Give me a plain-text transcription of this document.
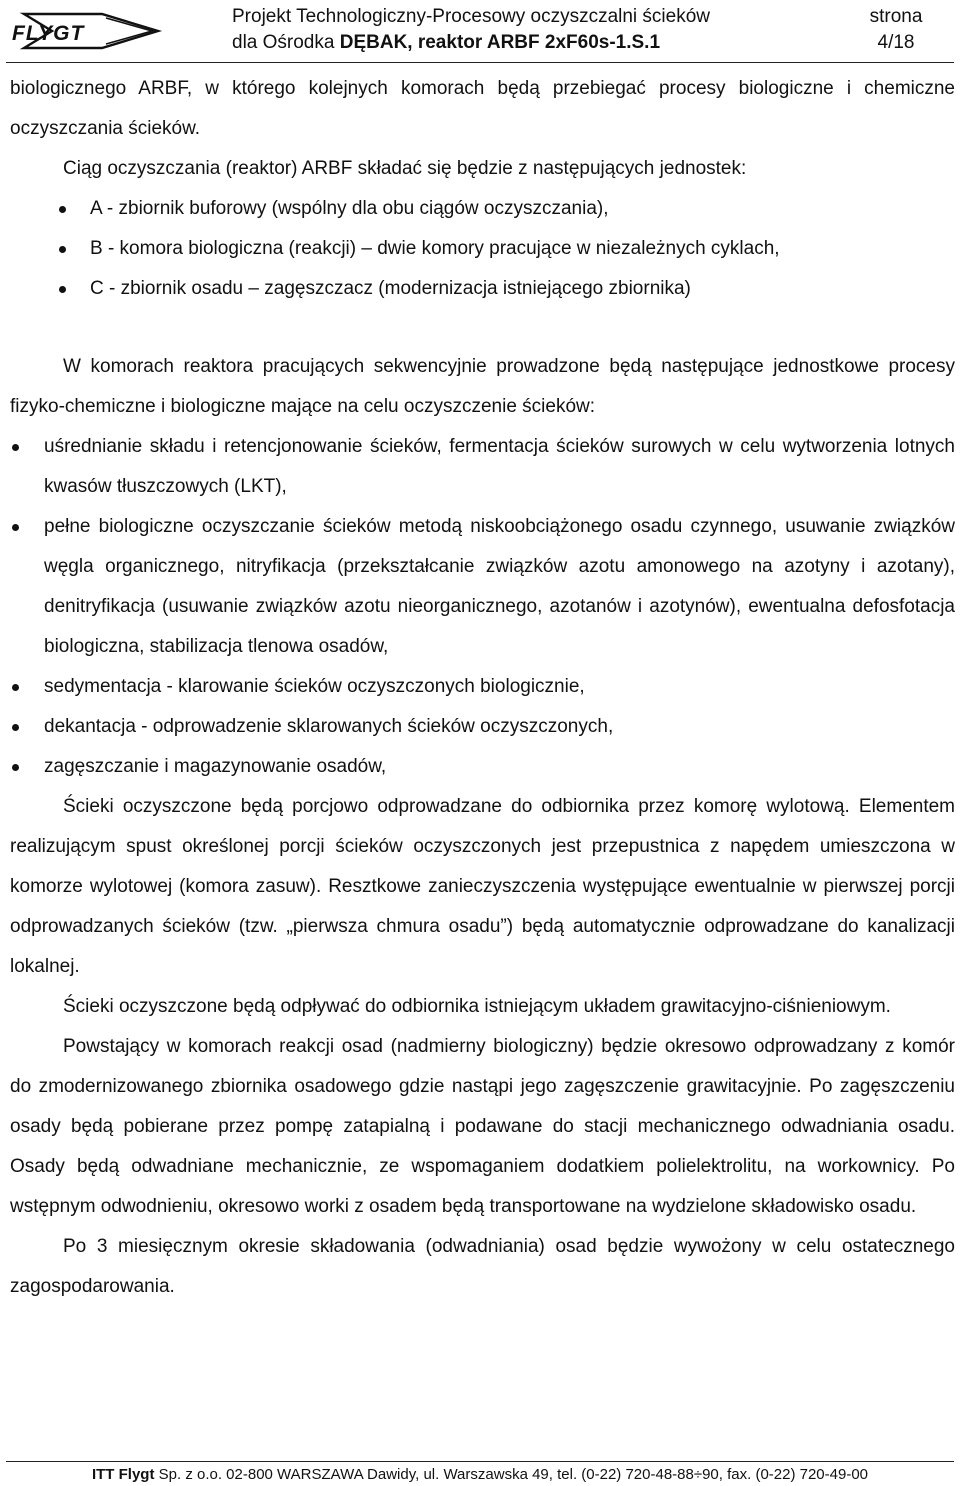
FLYGT
Projekt Technologiczny-Procesowy oczyszczalni ścieków
dla Ośrodka DĘBAK, reaktor ARBF 2xF60s-1.S.1
strona
4/18

biologicznego ARBF, w którego kolejnych komorach będą przebiegać procesy biologiczne i chemiczne oczyszczania ścieków.

Ciąg oczyszczania (reaktor) ARBF składać się będzie z następujących jednostek:

A - zbiornik buforowy (wspólny dla obu ciągów oczyszczania),
B - komora biologiczna (reakcji) – dwie komory pracujące w niezależnych cyklach,
C - zbiornik osadu – zagęszczacz (modernizacja istniejącego zbiornika)

W komorach reaktora pracujących sekwencyjnie prowadzone będą następujące jednostkowe procesy fizyko-chemiczne i biologiczne mające na celu oczyszczenie ścieków:

uśrednianie składu i retencjonowanie ścieków, fermentacja ścieków surowych w celu wytworzenia lotnych kwasów tłuszczowych (LKT),
pełne biologiczne oczyszczanie ścieków metodą niskoobciążonego osadu czynnego, usuwanie związków węgla organicznego, nitryfikacja (przekształcanie związków azotu amonowego na azotyny i azotany), denitryfikacja (usuwanie związków azotu nieorganicznego, azotanów i azotynów), ewentualna defosfotacja biologiczna, stabilizacja tlenowa osadów,
sedymentacja - klarowanie ścieków oczyszczonych biologicznie,
dekantacja - odprowadzenie sklarowanych ścieków oczyszczonych,
zagęszczanie i magazynowanie osadów,

Ścieki oczyszczone będą porcjowo odprowadzane do odbiornika przez komorę wylotową. Elementem realizującym spust określonej porcji ścieków oczyszczonych jest przepustnica z napędem umieszczona w komorze wylotowej (komora zasuw). Resztkowe zanieczyszczenia występujące ewentualnie w pierwszej porcji odprowadzanych ścieków (tzw. „pierwsza chmura osadu”) będą automatycznie odprowadzane do kanalizacji lokalnej.

Ścieki oczyszczone będą odpływać do odbiornika istniejącym układem grawitacyjno-ciśnieniowym.

Powstający w komorach reakcji osad (nadmierny biologiczny) będzie okresowo odprowadzany z komór do zmodernizowanego zbiornika osadowego gdzie nastąpi jego zagęszczenie grawitacyjnie. Po zagęszczeniu osady będą pobierane przez pompę zatapialną i podawane do stacji mechanicznego odwadniania osadu. Osady będą odwadniane mechanicznie, ze wspomaganiem dodatkiem polielektrolitu, na workownicy. Po wstępnym odwodnieniu, okresowo worki z osadem będą transportowane na wydzielone składowisko osadu.

Po 3 miesięcznym okresie składowania (odwadniania) osad będzie wywożony w celu ostatecznego zagospodarowania.

ITT Flygt Sp. z o.o. 02-800 WARSZAWA Dawidy, ul. Warszawska 49, tel. (0-22) 720-48-88÷90, fax. (0-22) 720-49-00
